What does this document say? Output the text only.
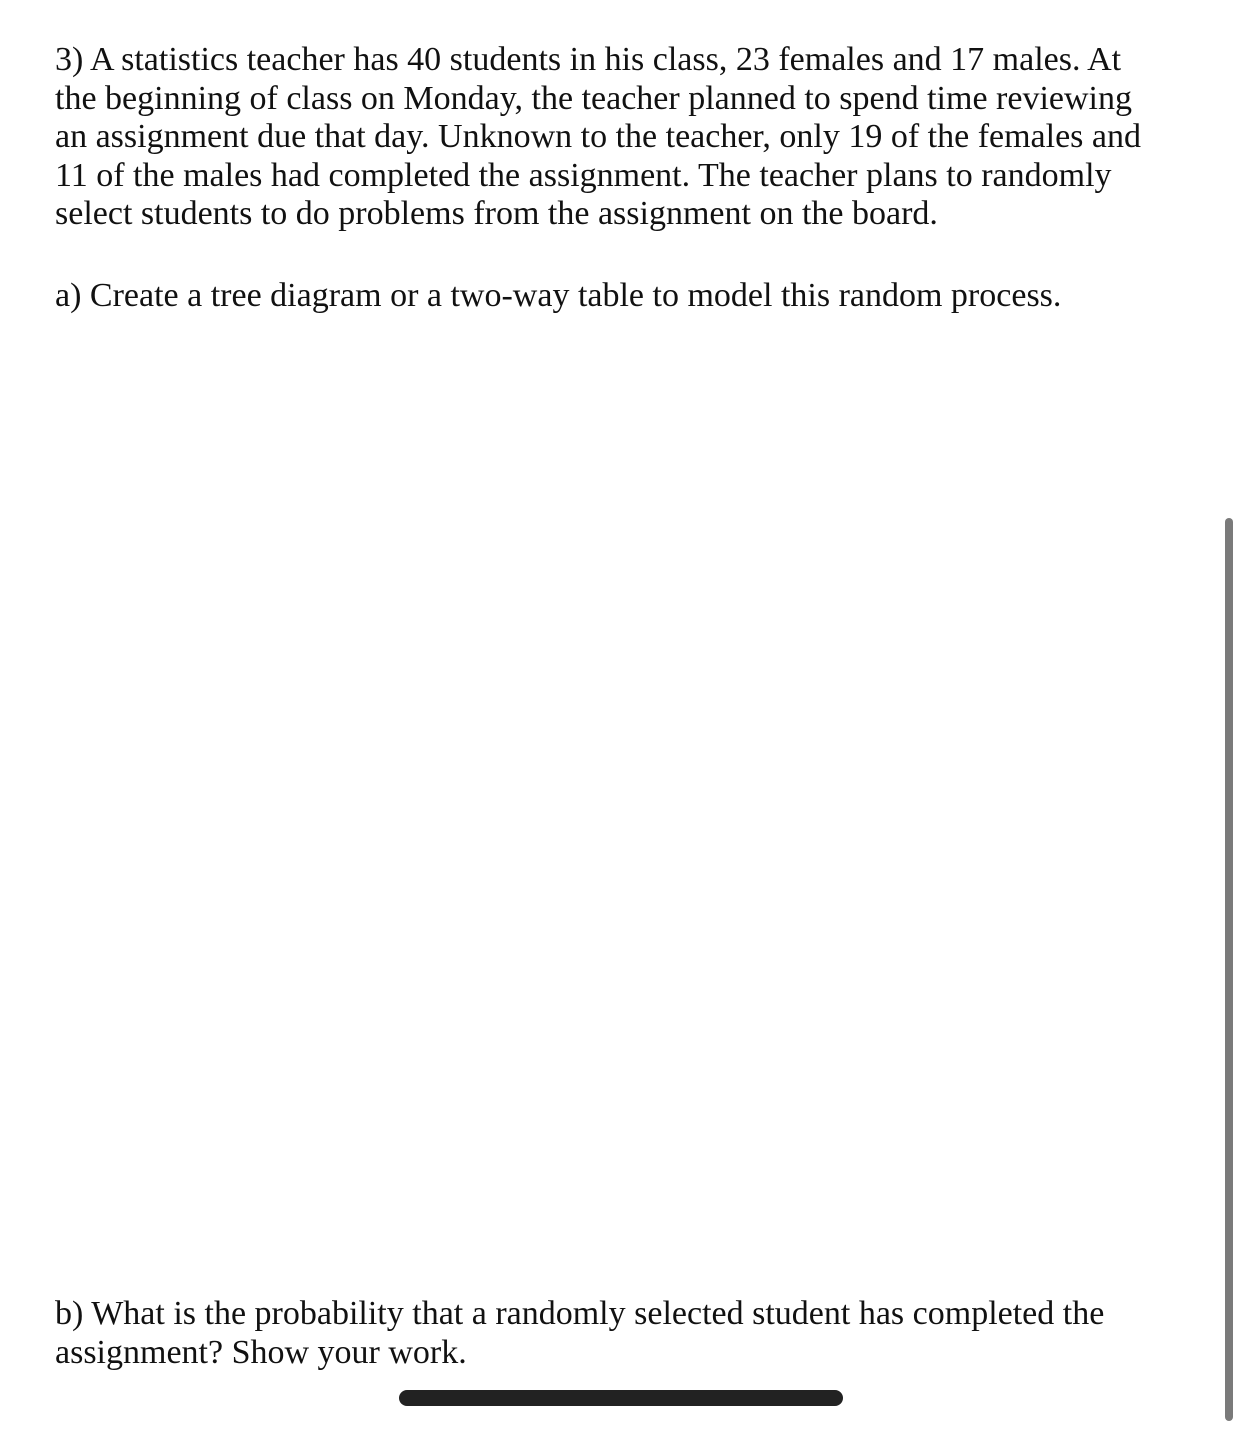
3) A statistics teacher has 40 students in his class, 23 females and 17 males. At
the beginning of class on Monday, the teacher planned to spend time reviewing
an assignment due that day. Unknown to the teacher, only 19 of the females and
11 of the males had completed the assignment. The teacher plans to randomly
select students to do problems from the assignment on the board.
a) Create a tree diagram or a two-way table to model this random process.
b) What is the probability that a randomly selected student has completed the
assignment? Show your work.
